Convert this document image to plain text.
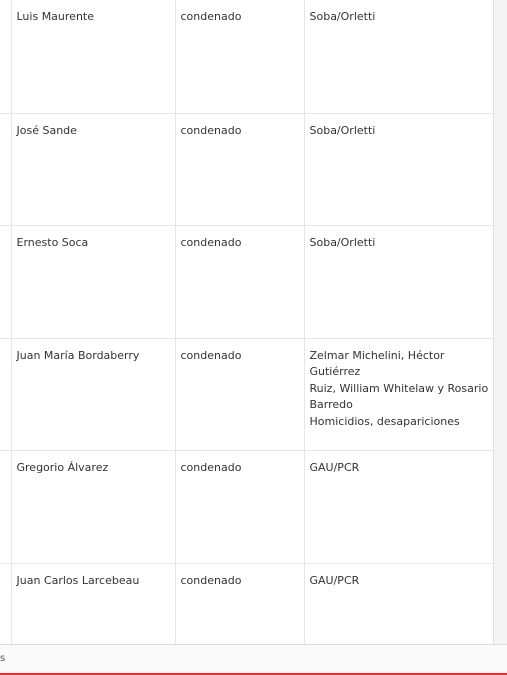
	Luis Maurente	condenado	Soba/Orletti

	José Sande	condenado	Soba/Orletti

	Ernesto Soca	condenado	Soba/Orletti

	Juan María Bordaberry	condenado	Zelmar Michelini, Héctor Gutiérrez
Ruiz, William Whitelaw y Rosario
Barredo
Homicidios, desapariciones

	Gregorio Álvarez	condenado	GAU/PCR

	Juan Carlos Larcebeau	condenado	GAU/PCR
s
